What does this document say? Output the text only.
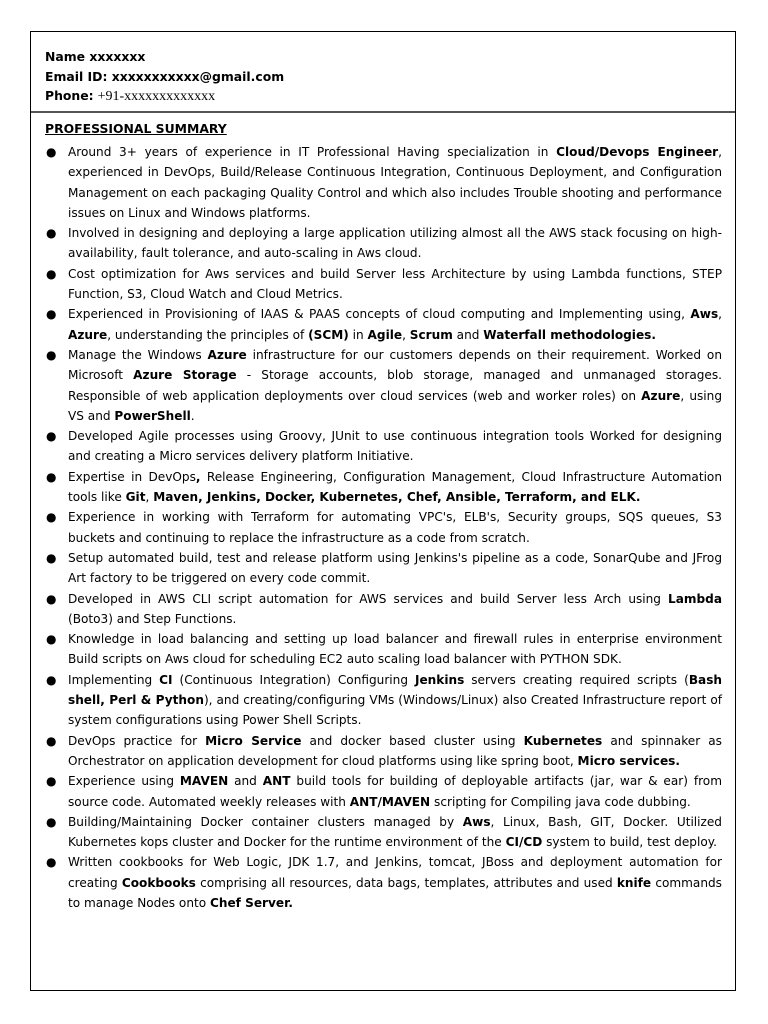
Name xxxxxxx
Email ID: xxxxxxxxxxx@gmail.com
Phone: +91-xxxxxxxxxxxxx
PROFESSIONAL SUMMARY
● Around 3+ years of experience in IT Professional Having specialization in Cloud/Devops Engineer, experienced in DevOps, Build/Release Continuous Integration, Continuous Deployment, and Configuration Management on each packaging Quality Control and which also includes Trouble shooting and performance issues on Linux and Windows platforms.
● Involved in designing and deploying a large application utilizing almost all the AWS stack focusing on high-availability, fault tolerance, and auto-scaling in Aws cloud.
● Cost optimization for Aws services and build Server less Architecture by using Lambda functions, STEP Function, S3, Cloud Watch and Cloud Metrics.
● Experienced in Provisioning of IAAS & PAAS concepts of cloud computing and Implementing using, Aws, Azure, understanding the principles of (SCM) in Agile, Scrum and Waterfall methodologies.
● Manage the Windows Azure infrastructure for our customers depends on their requirement. Worked on Microsoft Azure Storage - Storage accounts, blob storage, managed and unmanaged storages. Responsible of web application deployments over cloud services (web and worker roles) on Azure, using VS and PowerShell.
● Developed Agile processes using Groovy, JUnit to use continuous integration tools Worked for designing and creating a Micro services delivery platform Initiative.
● Expertise in DevOps, Release Engineering, Configuration Management, Cloud Infrastructure Automation tools like Git, Maven, Jenkins, Docker, Kubernetes, Chef, Ansible, Terraform, and ELK.
● Experience in working with Terraform for automating VPC's, ELB's, Security groups, SQS queues, S3 buckets and continuing to replace the infrastructure as a code from scratch.
● Setup automated build, test and release platform using Jenkins's pipeline as a code, SonarQube and JFrog Art factory to be triggered on every code commit.
● Developed in AWS CLI script automation for AWS services and build Server less Arch using Lambda (Boto3) and Step Functions.
● Knowledge in load balancing and setting up load balancer and firewall rules in enterprise environment Build scripts on Aws cloud for scheduling EC2 auto scaling load balancer with PYTHON SDK.
● Implementing CI (Continuous Integration) Configuring Jenkins servers creating required scripts (Bash shell, Perl & Python), and creating/configuring VMs (Windows/Linux) also Created Infrastructure report of system configurations using Power Shell Scripts.
● DevOps practice for Micro Service and docker based cluster using Kubernetes and spinnaker as Orchestrator on application development for cloud platforms using like spring boot, Micro services.
● Experience using MAVEN and ANT build tools for building of deployable artifacts (jar, war & ear) from source code. Automated weekly releases with ANT/MAVEN scripting for Compiling java code dubbing.
● Building/Maintaining Docker container clusters managed by Aws, Linux, Bash, GIT, Docker. Utilized Kubernetes kops cluster and Docker for the runtime environment of the CI/CD system to build, test deploy.
● Written cookbooks for Web Logic, JDK 1.7, and Jenkins, tomcat, JBoss and deployment automation for creating Cookbooks comprising all resources, data bags, templates, attributes and used knife commands to manage Nodes onto Chef Server.
